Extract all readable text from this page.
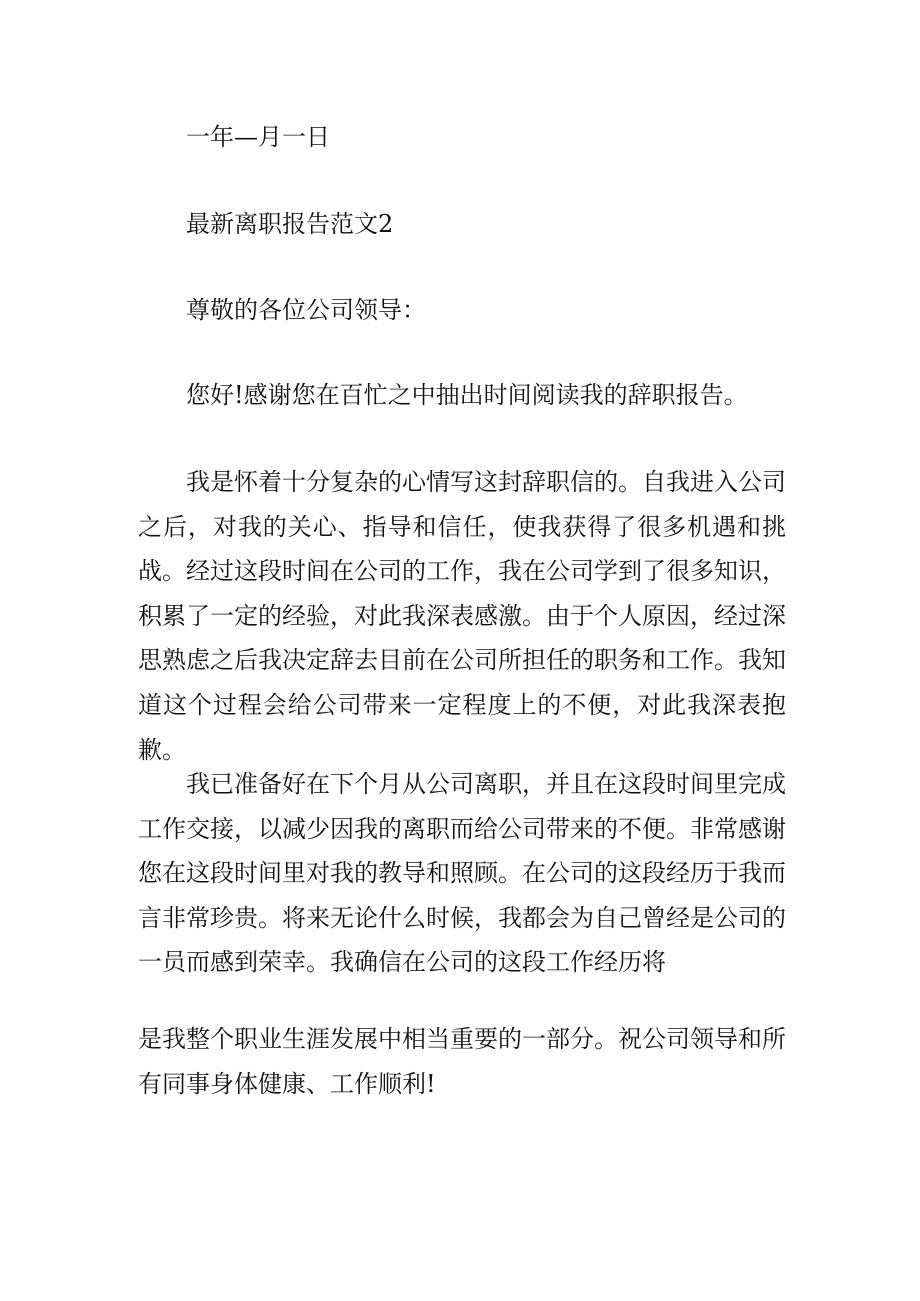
一年—月一日
最新离职报告范文2
尊敬的各位公司领导：
您好!感谢您在百忙之中抽出时间阅读我的辞职报告。
我是怀着十分复杂的心情写这封辞职信的。自我进入公司之后，对我的关心、指导和信任，使我获得了很多机遇和挑战。经过这段时间在公司的工作，我在公司学到了很多知识，积累了一定的经验，对此我深表感激。由于个人原因，经过深思熟虑之后我决定辞去目前在公司所担任的职务和工作。我知道这个过程会给公司带来一定程度上的不便，对此我深表抱歉。
我已准备好在下个月从公司离职，并且在这段时间里完成工作交接，以减少因我的离职而给公司带来的不便。非常感谢您在这段时间里对我的教导和照顾。在公司的这段经历于我而言非常珍贵。将来无论什么时候，我都会为自己曾经是公司的一员而感到荣幸。我确信在公司的这段工作经历将
是我整个职业生涯发展中相当重要的一部分。祝公司领导和所有同事身体健康、工作顺利!
